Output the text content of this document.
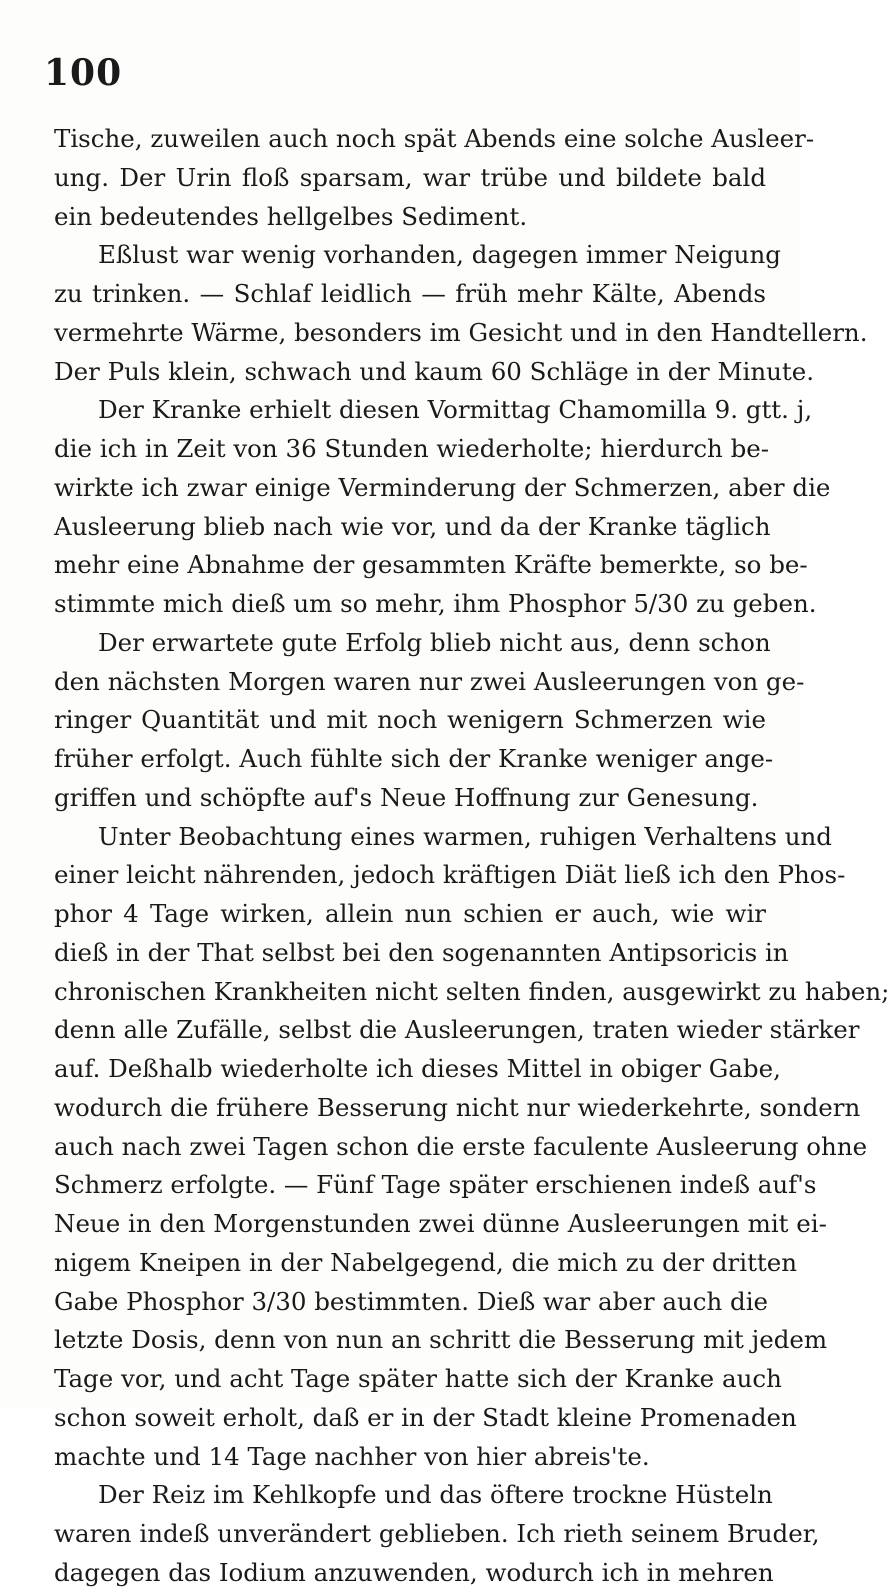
100
Tische, zuweilen auch noch spät Abends eine solche Ausleer-
ung. Der Urin floß sparsam, war trübe und bildete bald
ein bedeutendes hellgelbes Sediment.
Eßlust war wenig vorhanden, dagegen immer Neigung
zu trinken. — Schlaf leidlich — früh mehr Kälte, Abends
vermehrte Wärme, besonders im Gesicht und in den Handtellern.
Der Puls klein, schwach und kaum 60 Schläge in der Minute.
Der Kranke erhielt diesen Vormittag Chamomilla 9. gtt. j,
die ich in Zeit von 36 Stunden wiederholte; hierdurch be-
wirkte ich zwar einige Verminderung der Schmerzen, aber die
Ausleerung blieb nach wie vor, und da der Kranke täglich
mehr eine Abnahme der gesammten Kräfte bemerkte, so be-
stimmte mich dieß um so mehr, ihm Phosphor 5/30 zu geben.
Der erwartete gute Erfolg blieb nicht aus, denn schon
den nächsten Morgen waren nur zwei Ausleerungen von ge-
ringer Quantität und mit noch wenigern Schmerzen wie
früher erfolgt. Auch fühlte sich der Kranke weniger ange-
griffen und schöpfte auf's Neue Hoffnung zur Genesung.
Unter Beobachtung eines warmen, ruhigen Verhaltens und
einer leicht nährenden, jedoch kräftigen Diät ließ ich den Phos-
phor 4 Tage wirken, allein nun schien er auch, wie wir
dieß in der That selbst bei den sogenannten Antipsoricis in
chronischen Krankheiten nicht selten finden, ausgewirkt zu haben;
denn alle Zufälle, selbst die Ausleerungen, traten wieder stärker
auf. Deßhalb wiederholte ich dieses Mittel in obiger Gabe,
wodurch die frühere Besserung nicht nur wiederkehrte, sondern
auch nach zwei Tagen schon die erste faculente Ausleerung ohne
Schmerz erfolgte. — Fünf Tage später erschienen indeß auf's
Neue in den Morgenstunden zwei dünne Ausleerungen mit ei-
nigem Kneipen in der Nabelgegend, die mich zu der dritten
Gabe Phosphor 3/30 bestimmten. Dieß war aber auch die
letzte Dosis, denn von nun an schritt die Besserung mit jedem
Tage vor, und acht Tage später hatte sich der Kranke auch
schon soweit erholt, daß er in der Stadt kleine Promenaden
machte und 14 Tage nachher von hier abreis'te.
Der Reiz im Kehlkopfe und das öftere trockne Hüsteln
waren indeß unverändert geblieben. Ich rieth seinem Bruder,
dagegen das Iodium anzuwenden, wodurch ich in mehren
